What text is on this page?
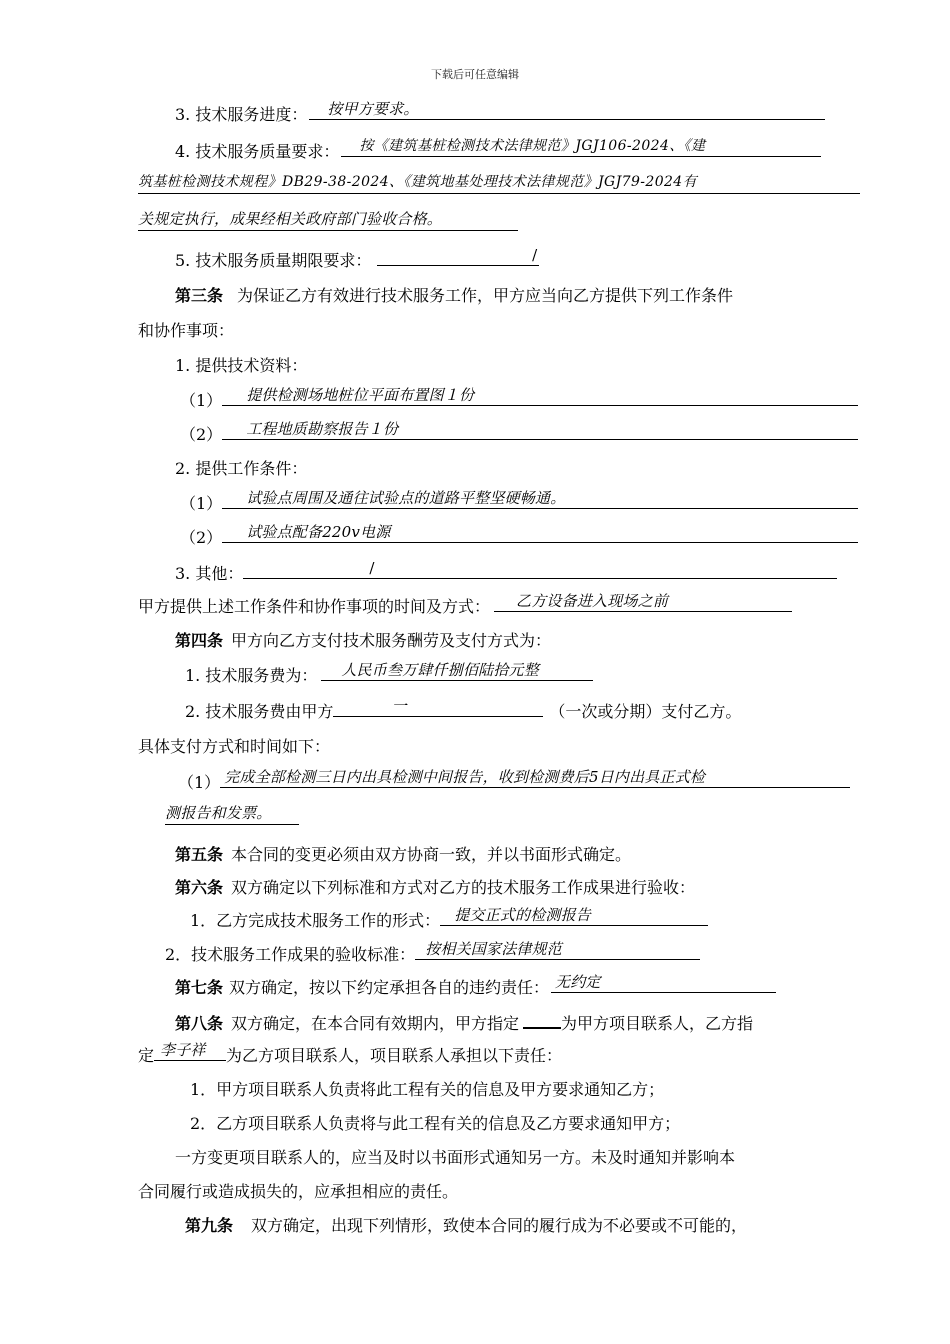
下载后可任意编辑
3. 技术服务进度： 按甲方要求。
4. 技术服务质量要求： 按《建筑基桩检测技术法律规范》JGJ106-2024、《建
筑基桩检测技术规程》DB29-38-2024、《建筑地基处理技术法律规范》JGJ79-2024有
关规定执行，成果经相关政府部门验收合格。
5. 技术服务质量期限要求：	/
第三条 为保证乙方有效进行技术服务工作，甲方应当向乙方提供下列工作条件
和协作事项：
1. 提供技术资料：
（1） 提供检测场地桩位平面布置图１份
（2） 工程地质勘察报告１份
2. 提供工作条件：
（1） 试验点周围及通往试验点的道路平整坚硬畅通。
（2） 试验点配备220v电源
3. 其他：	/
甲方提供上述工作条件和协作事项的时间及方式： 乙方设备进入现场之前
第四条 甲方向乙方支付技术服务酬劳及支付方式为：
1. 技术服务费为： 人民币叁万肆仟捌佰陆拾元整
2. 技术服务费由甲方	一	（一次或分期）支付乙方。
具体支付方式和时间如下：
（1） 完成全部检测三日内出具检测中间报告，收到检测费后5日内出具正式检
测报告和发票。
第五条 本合同的变更必须由双方协商一致，并以书面形式确定。
第六条 双方确定以下列标准和方式对乙方的技术服务工作成果进行验收：
1．乙方完成技术服务工作的形式： 提交正式的检测报告
2．技术服务工作成果的验收标准： 按相关国家法律规范
第七条 双方确定，按以下约定承担各自的违约责任： 无约定
第八条 双方确定，在本合同有效期内，甲方指定	为甲方项目联系人，乙方指
定 李子祥 为乙方项目联系人，项目联系人承担以下责任：
1．甲方项目联系人负责将此工程有关的信息及甲方要求通知乙方；
2．乙方项目联系人负责将与此工程有关的信息及乙方要求通知甲方；
一方变更项目联系人的，应当及时以书面形式通知另一方。未及时通知并影响本
合同履行或造成损失的，应承担相应的责任。
第九条 双方确定，出现下列情形，致使本合同的履行成为不必要或不可能的，
